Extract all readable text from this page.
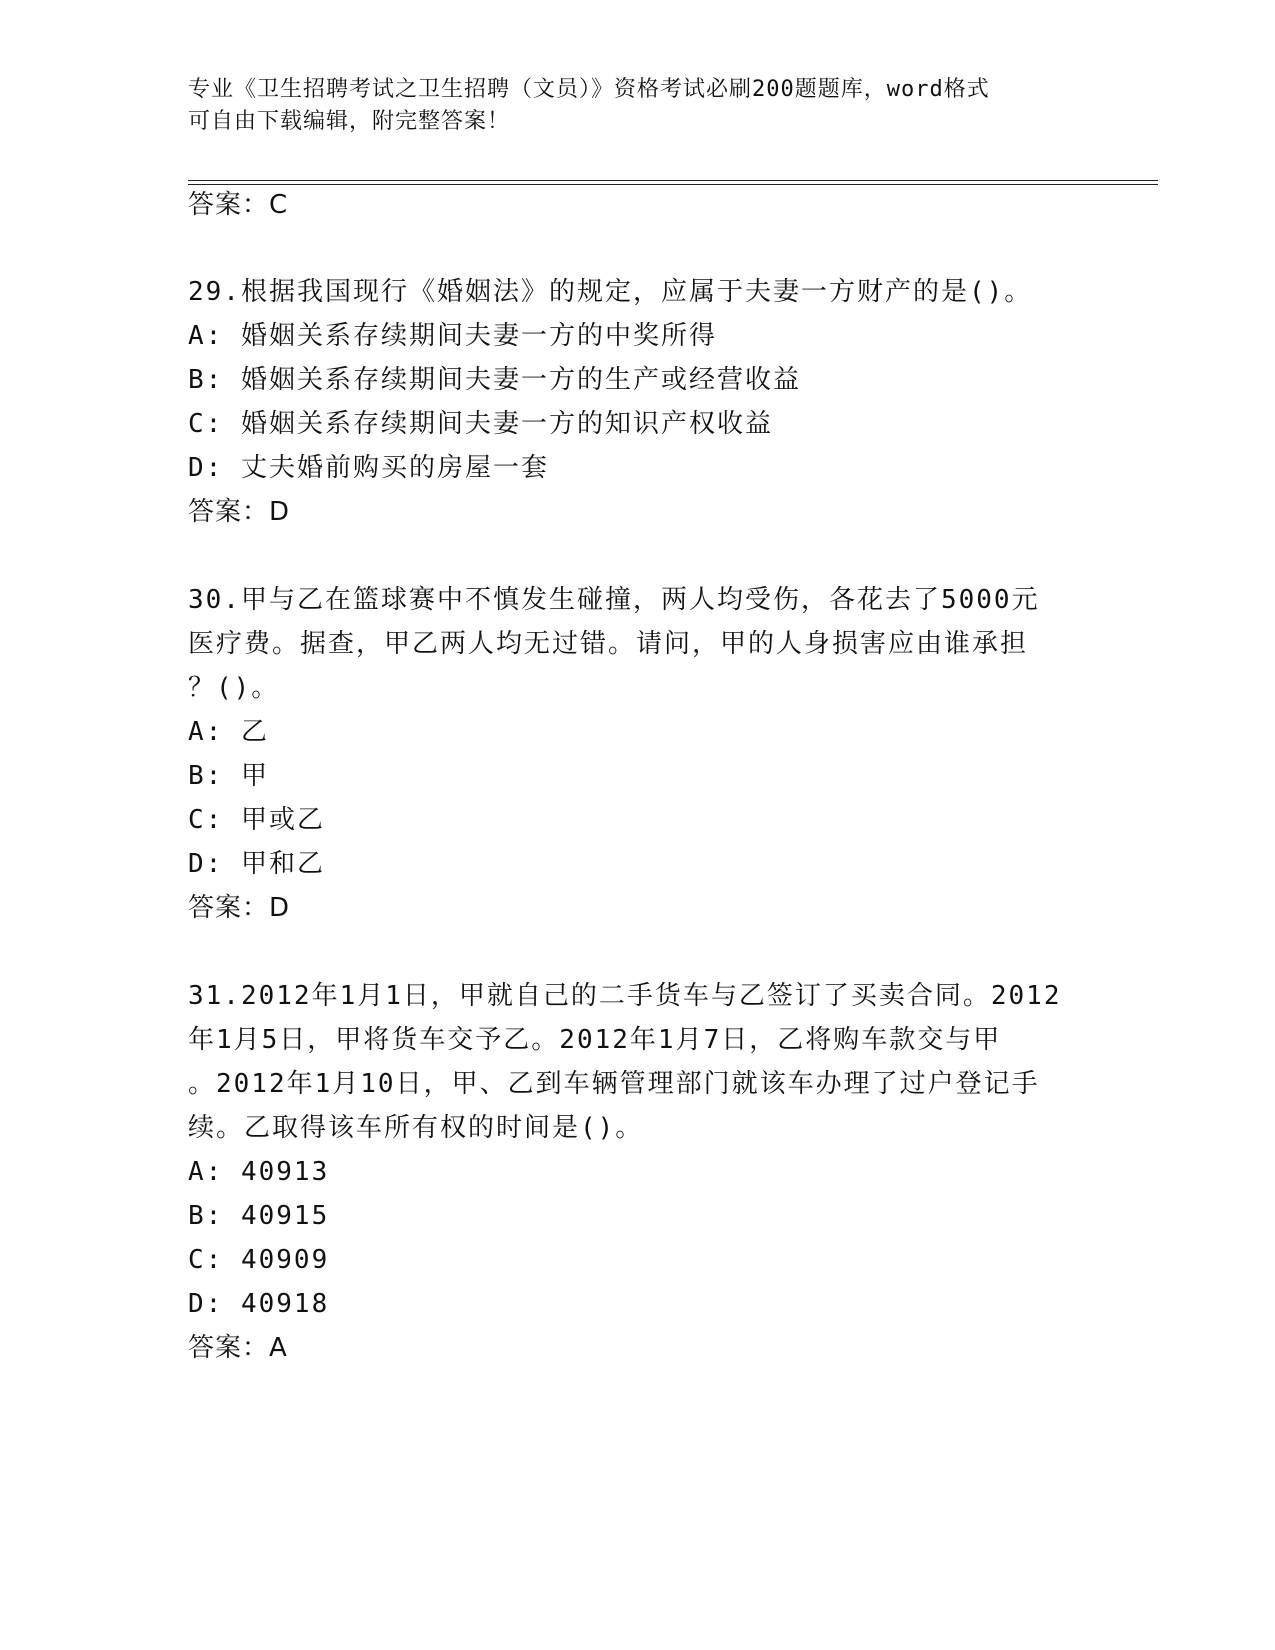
专业《卫生招聘考试之卫生招聘（文员）》资格考试必刷200题题库，word格式
可自由下载编辑，附完整答案！
答案：C
29.根据我国现行《婚姻法》的规定，应属于夫妻一方财产的是()。
A: 婚姻关系存续期间夫妻一方的中奖所得
B: 婚姻关系存续期间夫妻一方的生产或经营收益
C: 婚姻关系存续期间夫妻一方的知识产权收益
D: 丈夫婚前购买的房屋一套
答案：D
30.甲与乙在篮球赛中不慎发生碰撞，两人均受伤，各花去了5000元
医疗费。据查，甲乙两人均无过错。请问，甲的人身损害应由谁承担
？()。
A: 乙
B: 甲
C: 甲或乙
D: 甲和乙
答案：D
31.2012年1月1日，甲就自己的二手货车与乙签订了买卖合同。2012
年1月5日，甲将货车交予乙。2012年1月7日，乙将购车款交与甲
。2012年1月10日，甲、乙到车辆管理部门就该车办理了过户登记手
续。乙取得该车所有权的时间是()。
A: 40913
B: 40915
C: 40909
D: 40918
答案：A
